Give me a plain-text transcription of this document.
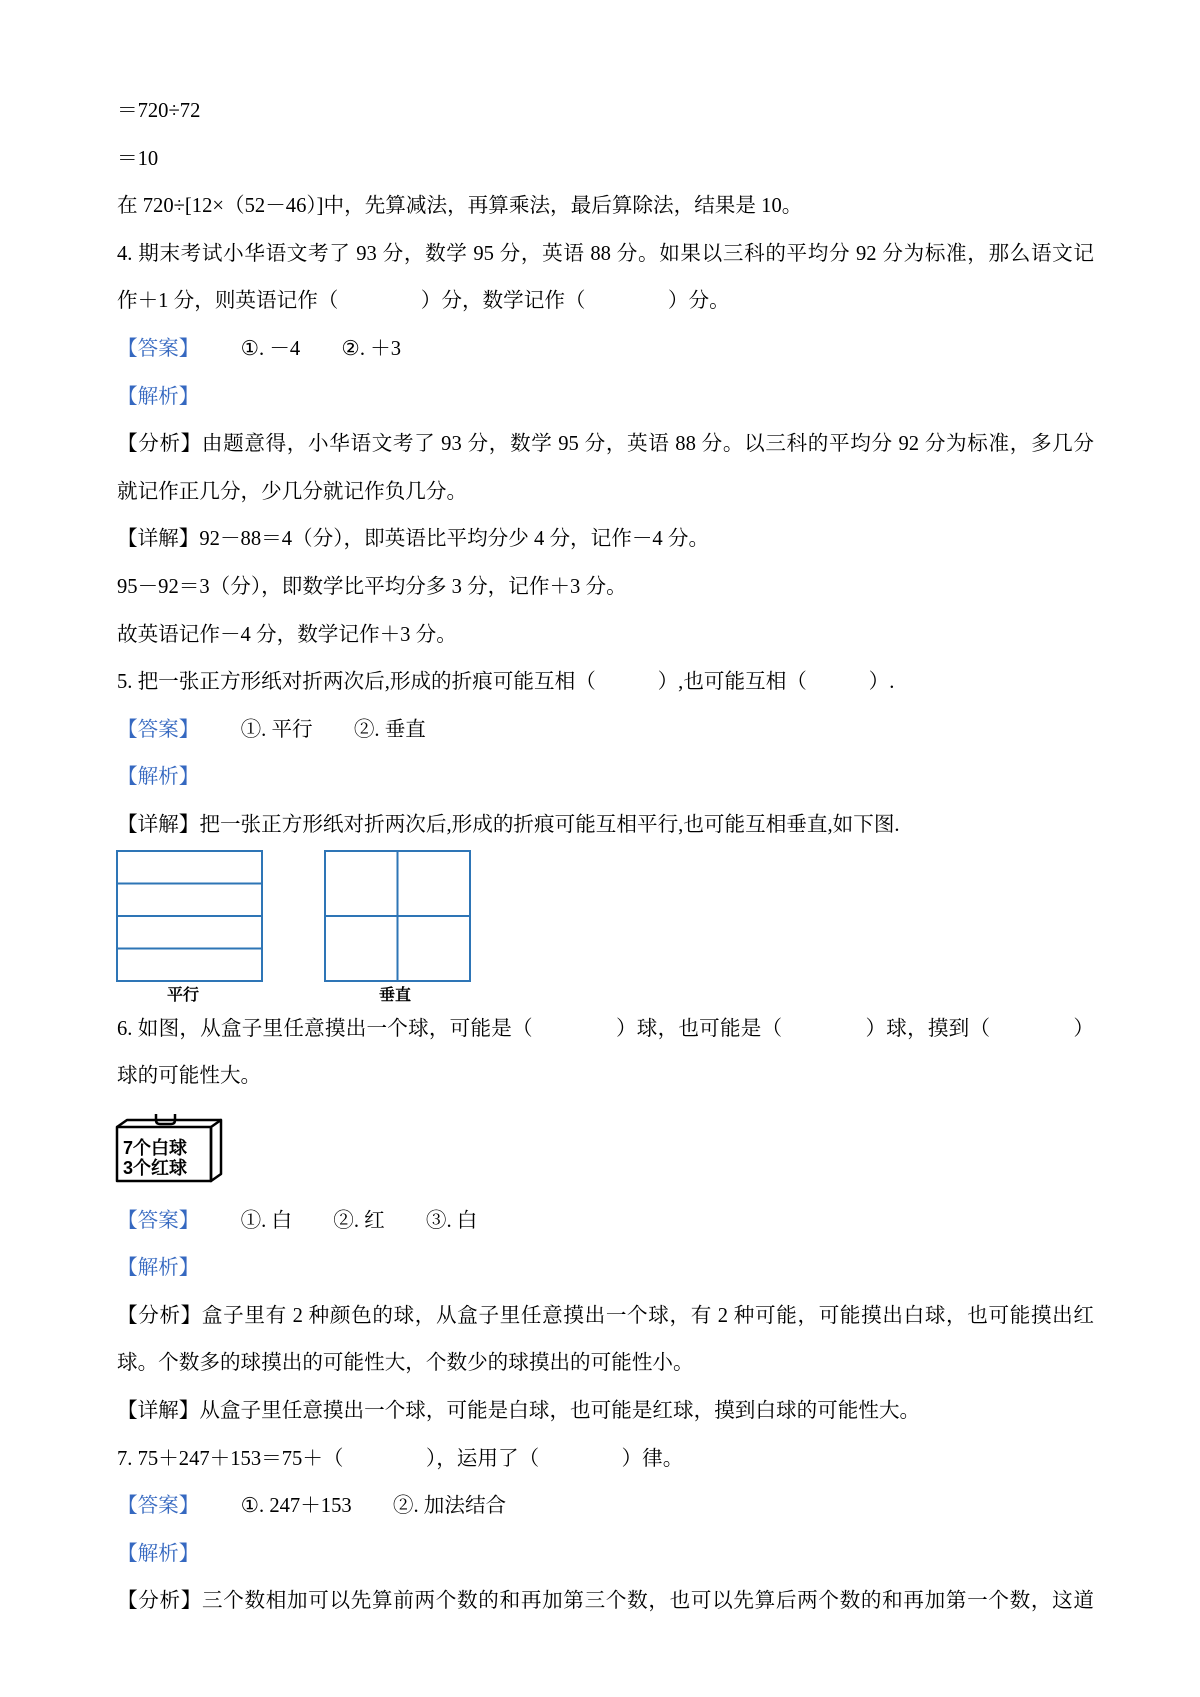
＝720÷72
＝10
在 720÷[12×（52－46）]中，先算减法，再算乘法，最后算除法，结果是 10。
4. 期末考试小华语文考了 93 分，数学 95 分，英语 88 分。如果以三科的平均分 92 分为标准，那么语文记
作＋1 分，则英语记作（　　　　）分，数学记作（　　　　）分。
【答案】 ①. －4 ②. ＋3
【解析】
【分析】由题意得，小华语文考了 93 分，数学 95 分，英语 88 分。以三科的平均分 92 分为标准，多几分
就记作正几分，少几分就记作负几分。
【详解】92－88＝4（分），即英语比平均分少 4 分，记作－4 分。
95－92＝3（分），即数学比平均分多 3 分，记作＋3 分。
故英语记作－4 分，数学记作＋3 分。
5. 把一张正方形纸对折两次后,形成的折痕可能互相（　　　）,也可能互相（　　　）.
【答案】 ①. 平行 ②. 垂直
【解析】
【详解】把一张正方形纸对折两次后,形成的折痕可能互相平行,也可能互相垂直,如下图.
平行	垂直
6. 如图，从盒子里任意摸出一个球，可能是（　　　　）球，也可能是（　　　　）球，摸到（　　　　）
球的可能性大。
7个白球
3个红球
【答案】 ①. 白 ②. 红 ③. 白
【解析】
【分析】盒子里有 2 种颜色的球，从盒子里任意摸出一个球，有 2 种可能，可能摸出白球，也可能摸出红
球。个数多的球摸出的可能性大，个数少的球摸出的可能性小。
【详解】从盒子里任意摸出一个球，可能是白球，也可能是红球，摸到白球的可能性大。
7. 75＋247＋153＝75＋（　　　　），运用了（　　　　）律。
【答案】 ①. 247＋153 ②. 加法结合
【解析】
【分析】三个数相加可以先算前两个数的和再加第三个数，也可以先算后两个数的和再加第一个数，这道
